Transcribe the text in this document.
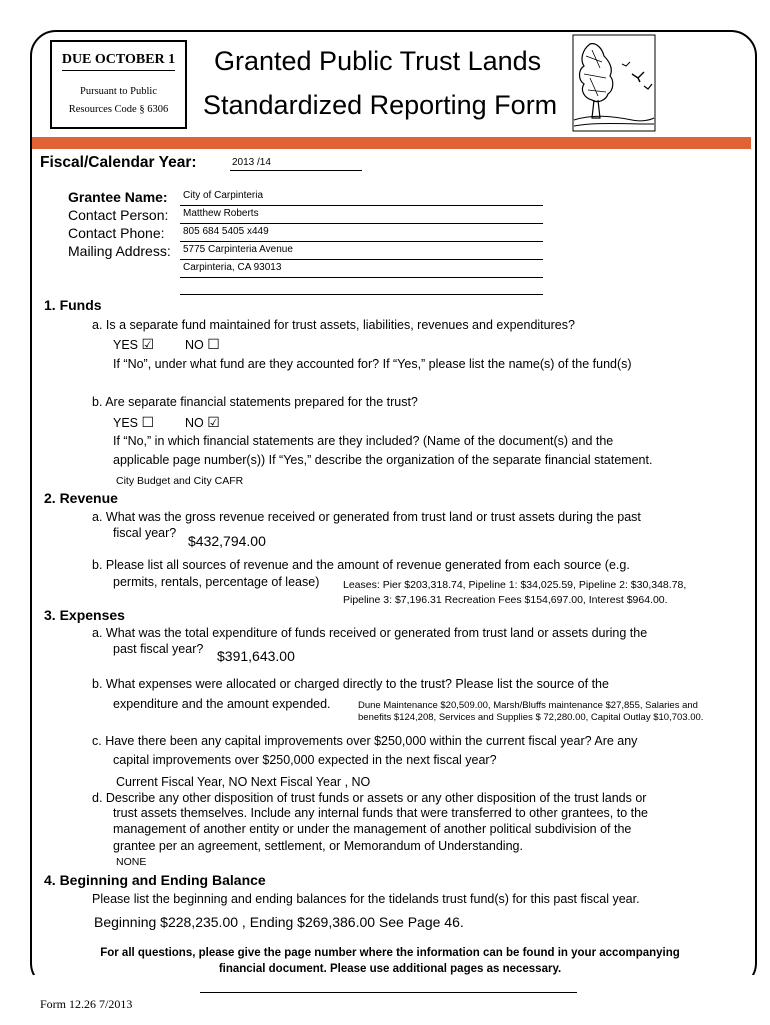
DUE OCTOBER 1
Pursuant to Public
Resources Code § 6306
Granted Public Trust Lands
Standardized Reporting Form
Fiscal/Calendar Year:	2013 /14
Grantee Name: City of Carpinteria
Contact Person: Matthew Roberts
Contact Phone: 805 684 5405 x449
Mailing Address: 5775 Carpinteria Avenue
Carpinteria, CA 93013
1. Funds
a. Is a separate fund maintained for trust assets, liabilities, revenues and expenditures?
YES ☑ NO ☐
If “No”, under what fund are they accounted for? If “Yes,” please list the name(s) of the fund(s)
b. Are separate financial statements prepared for the trust?
YES ☐ NO ☑
If “No,” in which financial statements are they included? (Name of the document(s) and the
applicable page number(s)) If “Yes,” describe the organization of the separate financial statement.
City Budget and City CAFR
2. Revenue
a. What was the gross revenue received or generated from trust land or trust assets during the past
fiscal year? $432,794.00
b. Please list all sources of revenue and the amount of revenue generated from each source (e.g.
permits, rentals, percentage of lease) Leases: Pier $203,318.74, Pipeline 1: $34,025.59, Pipeline 2: $30,348.78,
Pipeline 3: $7,196.31 Recreation Fees $154,697.00, Interest $964.00.
3. Expenses
a. What was the total expenditure of funds received or generated from trust land or assets during the
past fiscal year? $391,643.00
b. What expenses were allocated or charged directly to the trust? Please list the source of the
expenditure and the amount expended.	Dune Maintenance $20,509.00, Marsh/Bluffs maintenance $27,855, Salaries and
benefits $124,208, Services and Supplies $ 72,280.00, Capital Outlay $10,703.00.
c. Have there been any capital improvements over $250,000 within the current fiscal year? Are any
capital improvements over $250,000 expected in the next fiscal year?
Current Fiscal Year, NO Next Fiscal Year , NO
d. Describe any other disposition of trust funds or assets or any other disposition of the trust lands or
trust assets themselves. Include any internal funds that were transferred to other grantees, to the
management of another entity or under the management of another political subdivision of the
grantee per an agreement, settlement, or Memorandum of Understanding.
NONE
4. Beginning and Ending Balance
Please list the beginning and ending balances for the tidelands trust fund(s) for this past fiscal year.
Beginning $228,235.00 , Ending $269,386.00 See Page 46.
For all questions, please give the page number where the information can be found in your accompanying
financial document. Please use additional pages as necessary.
Form 12.26 7/2013
